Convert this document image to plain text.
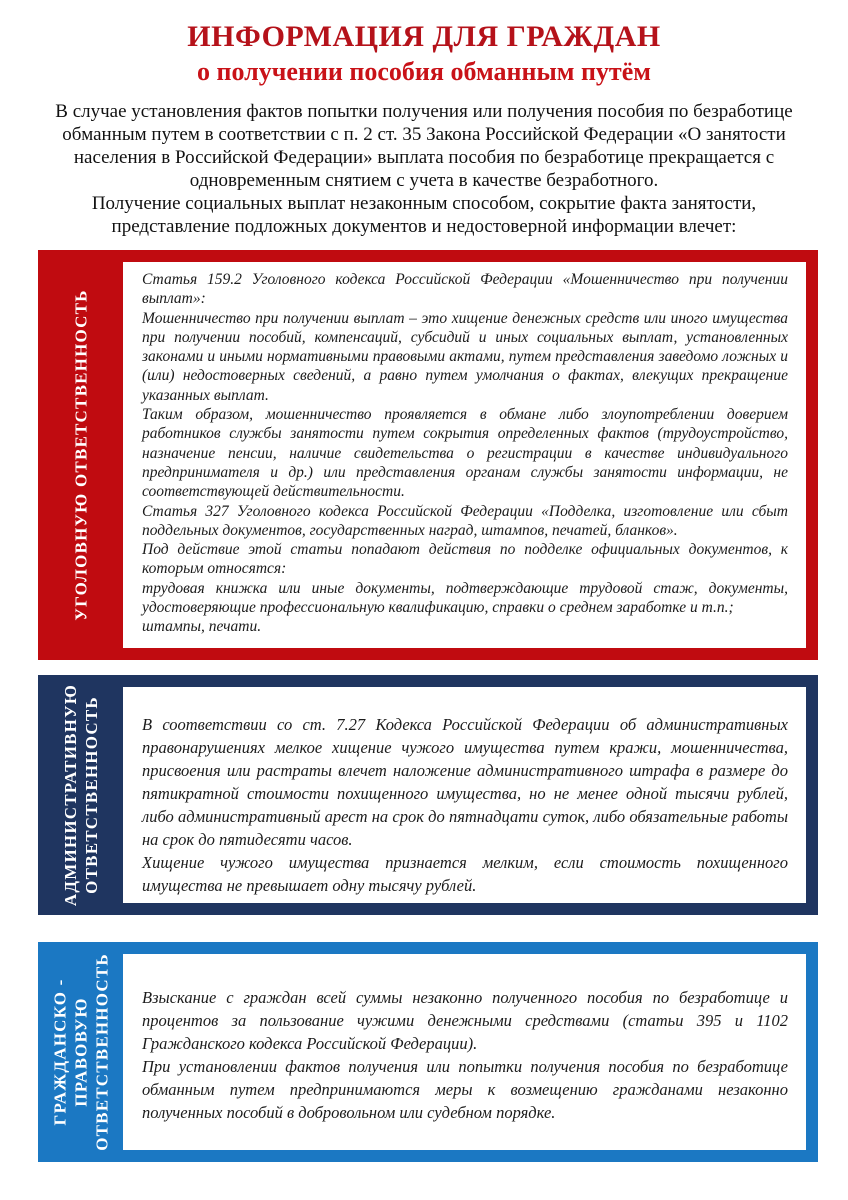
ИНФОРМАЦИЯ ДЛЯ ГРАЖДАН
о получении пособия обманным путём

В случае установления фактов попытки получения или получения пособия по безработице обманным путем в соответствии с п. 2 ст. 35 Закона Российской Федерации «О занятости населения в Российской Федерации» выплата пособия по безработице прекращается с одновременным снятием с учета в качестве безработного.

Получение социальных выплат незаконным способом, сокрытие факта занятости, представление подложных документов и недостоверной информации влечет:

УГОЛОВНУЮ ОТВЕТСТВЕННОСТЬ

Статья 159.2 Уголовного кодекса Российской Федерации «Мошенничество при получении выплат»:

Мошенничество при получении выплат – это хищение денежных средств или иного имущества при получении пособий, компенсаций, субсидий и иных социальных выплат, установленных законами и иными нормативными правовыми актами, путем представления заведомо ложных и (или) недостоверных сведений, а равно путем умолчания о фактах, влекущих прекращение указанных выплат.

Таким образом, мошенничество проявляется в обмане либо злоупотреблении доверием работников службы занятости путем сокрытия определенных фактов (трудоустройство, назначение пенсии, наличие свидетельства о регистрации в качестве индивидуального предпринимателя и др.) или представления органам службы занятости информации, не соответствующей действительности.

Статья 327 Уголовного кодекса Российской Федерации «Подделка, изготовление или сбыт поддельных документов, государственных наград, штампов, печатей, бланков».

Под действие этой статьи попадают действия по подделке официальных документов, к которым относятся:

трудовая книжка или иные документы, подтверждающие трудовой стаж, документы, удостоверяющие профессиональную квалификацию, справки о среднем заработке и т.п.;

штампы, печати.

АДМИНИСТРАТИВНУЮ ОТВЕТСТВЕННОСТЬ	В соответствии со ст. 7.27 Кодекса Российской Федерации об административных правонарушениях мелкое хищение чужого имущества путем кражи, мошенничества, присвоения или растраты влечет наложение административного штрафа в размере до пятикратной стоимости похищенного имущества, но не менее одной тысячи рублей, либо административный арест на срок до пятнадцати суток, либо обязательные работы на срок до пятидесяти часов.

Хищение чужого имущества признается мелким, если стоимость похищенного имущества не превышает одну тысячу рублей.

ГРАЖДАНСКО - ПРАВОВУЮ ОТВЕТСТВЕННОСТЬ Взыскание с граждан всей суммы незаконно полученного пособия по безработице и процентов за пользование чужими денежными средствами (статьи 395 и 1102 Гражданского кодекса Российской Федерации).

При установлении фактов получения или попытки получения пособия по безработице обманным путем предпринимаются меры к возмещению гражданами незаконно полученных пособий в добровольном или судебном порядке.
